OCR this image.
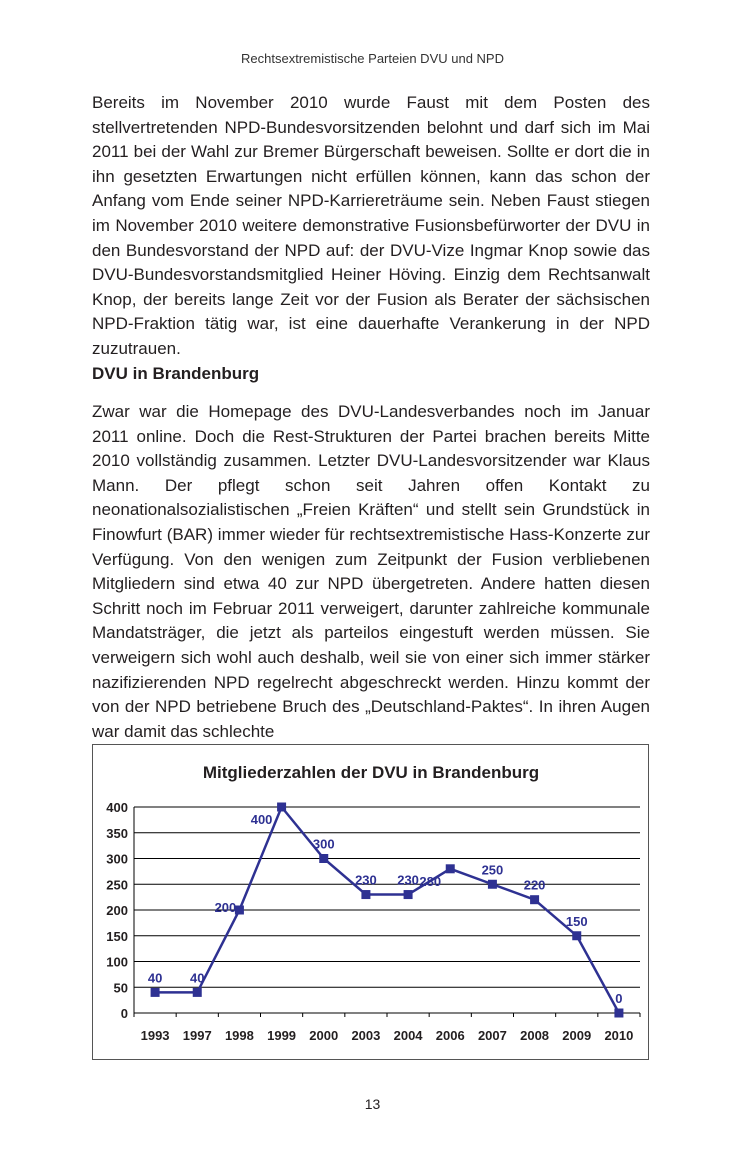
Rechtsextremistische Parteien DVU und NPD

Bereits im November 2010 wurde Faust mit dem Posten des stellvertretenden NPD-Bundesvorsitzenden belohnt und darf sich im Mai 2011 bei der Wahl zur Bremer Bürgerschaft beweisen. Sollte er dort die in ihn gesetzten Erwartungen nicht erfüllen können, kann das schon der Anfang vom Ende seiner NPD-Karriereträume sein. Neben Faust stiegen im November 2010 weitere demonstrative Fusionsbefürworter der DVU in den Bundesvorstand der NPD auf: der DVU-Vize Ingmar Knop sowie das DVU-Bundesvorstandsmitglied Heiner Höving. Einzig dem Rechtsanwalt Knop, der bereits lange Zeit vor der Fusion als Berater der sächsischen NPD-Fraktion tätig war, ist eine dauerhafte Verankerung in der NPD zuzutrauen.

DVU in Brandenburg

Zwar war die Homepage des DVU-Landesverbandes noch im Januar 2011 online. Doch die Rest-Strukturen der Partei brachen bereits Mitte 2010 vollständig zusammen. Letzter DVU-Landesvorsitzender war Klaus Mann. Der pflegt schon seit Jahren offen Kontakt zu neonationalsozialistischen „Freien Kräften“ und stellt sein Grundstück in Finowfurt (BAR) immer wieder für rechtsextremistische Hass-Konzerte zur Verfügung. Von den wenigen zum Zeitpunkt der Fusion verbliebenen Mitgliedern sind etwa 40 zur NPD übergetreten. Andere hatten diesen Schritt noch im Februar 2011 verweigert, darunter zahlreiche kommunale Mandatsträger, die jetzt als parteilos eingestuft werden müssen. Sie verweigern sich wohl auch deshalb, weil sie von einer sich immer stärker nazifizierenden NPD regelrecht abgeschreckt werden. Hinzu kommt der von der NPD betriebene Bruch des „Deutschland-Paktes“. In ihren Augen war damit das schlechte

Mitgliederzahlen der DVU in Brandenburg
0
50
100
150
200
250
300
350
400
1993 1997 1998 1999 2000 2003 2004 2006 2007 2008 2009 2010
40 40
200
400
300
230 230 280
250
220
150
0
13
